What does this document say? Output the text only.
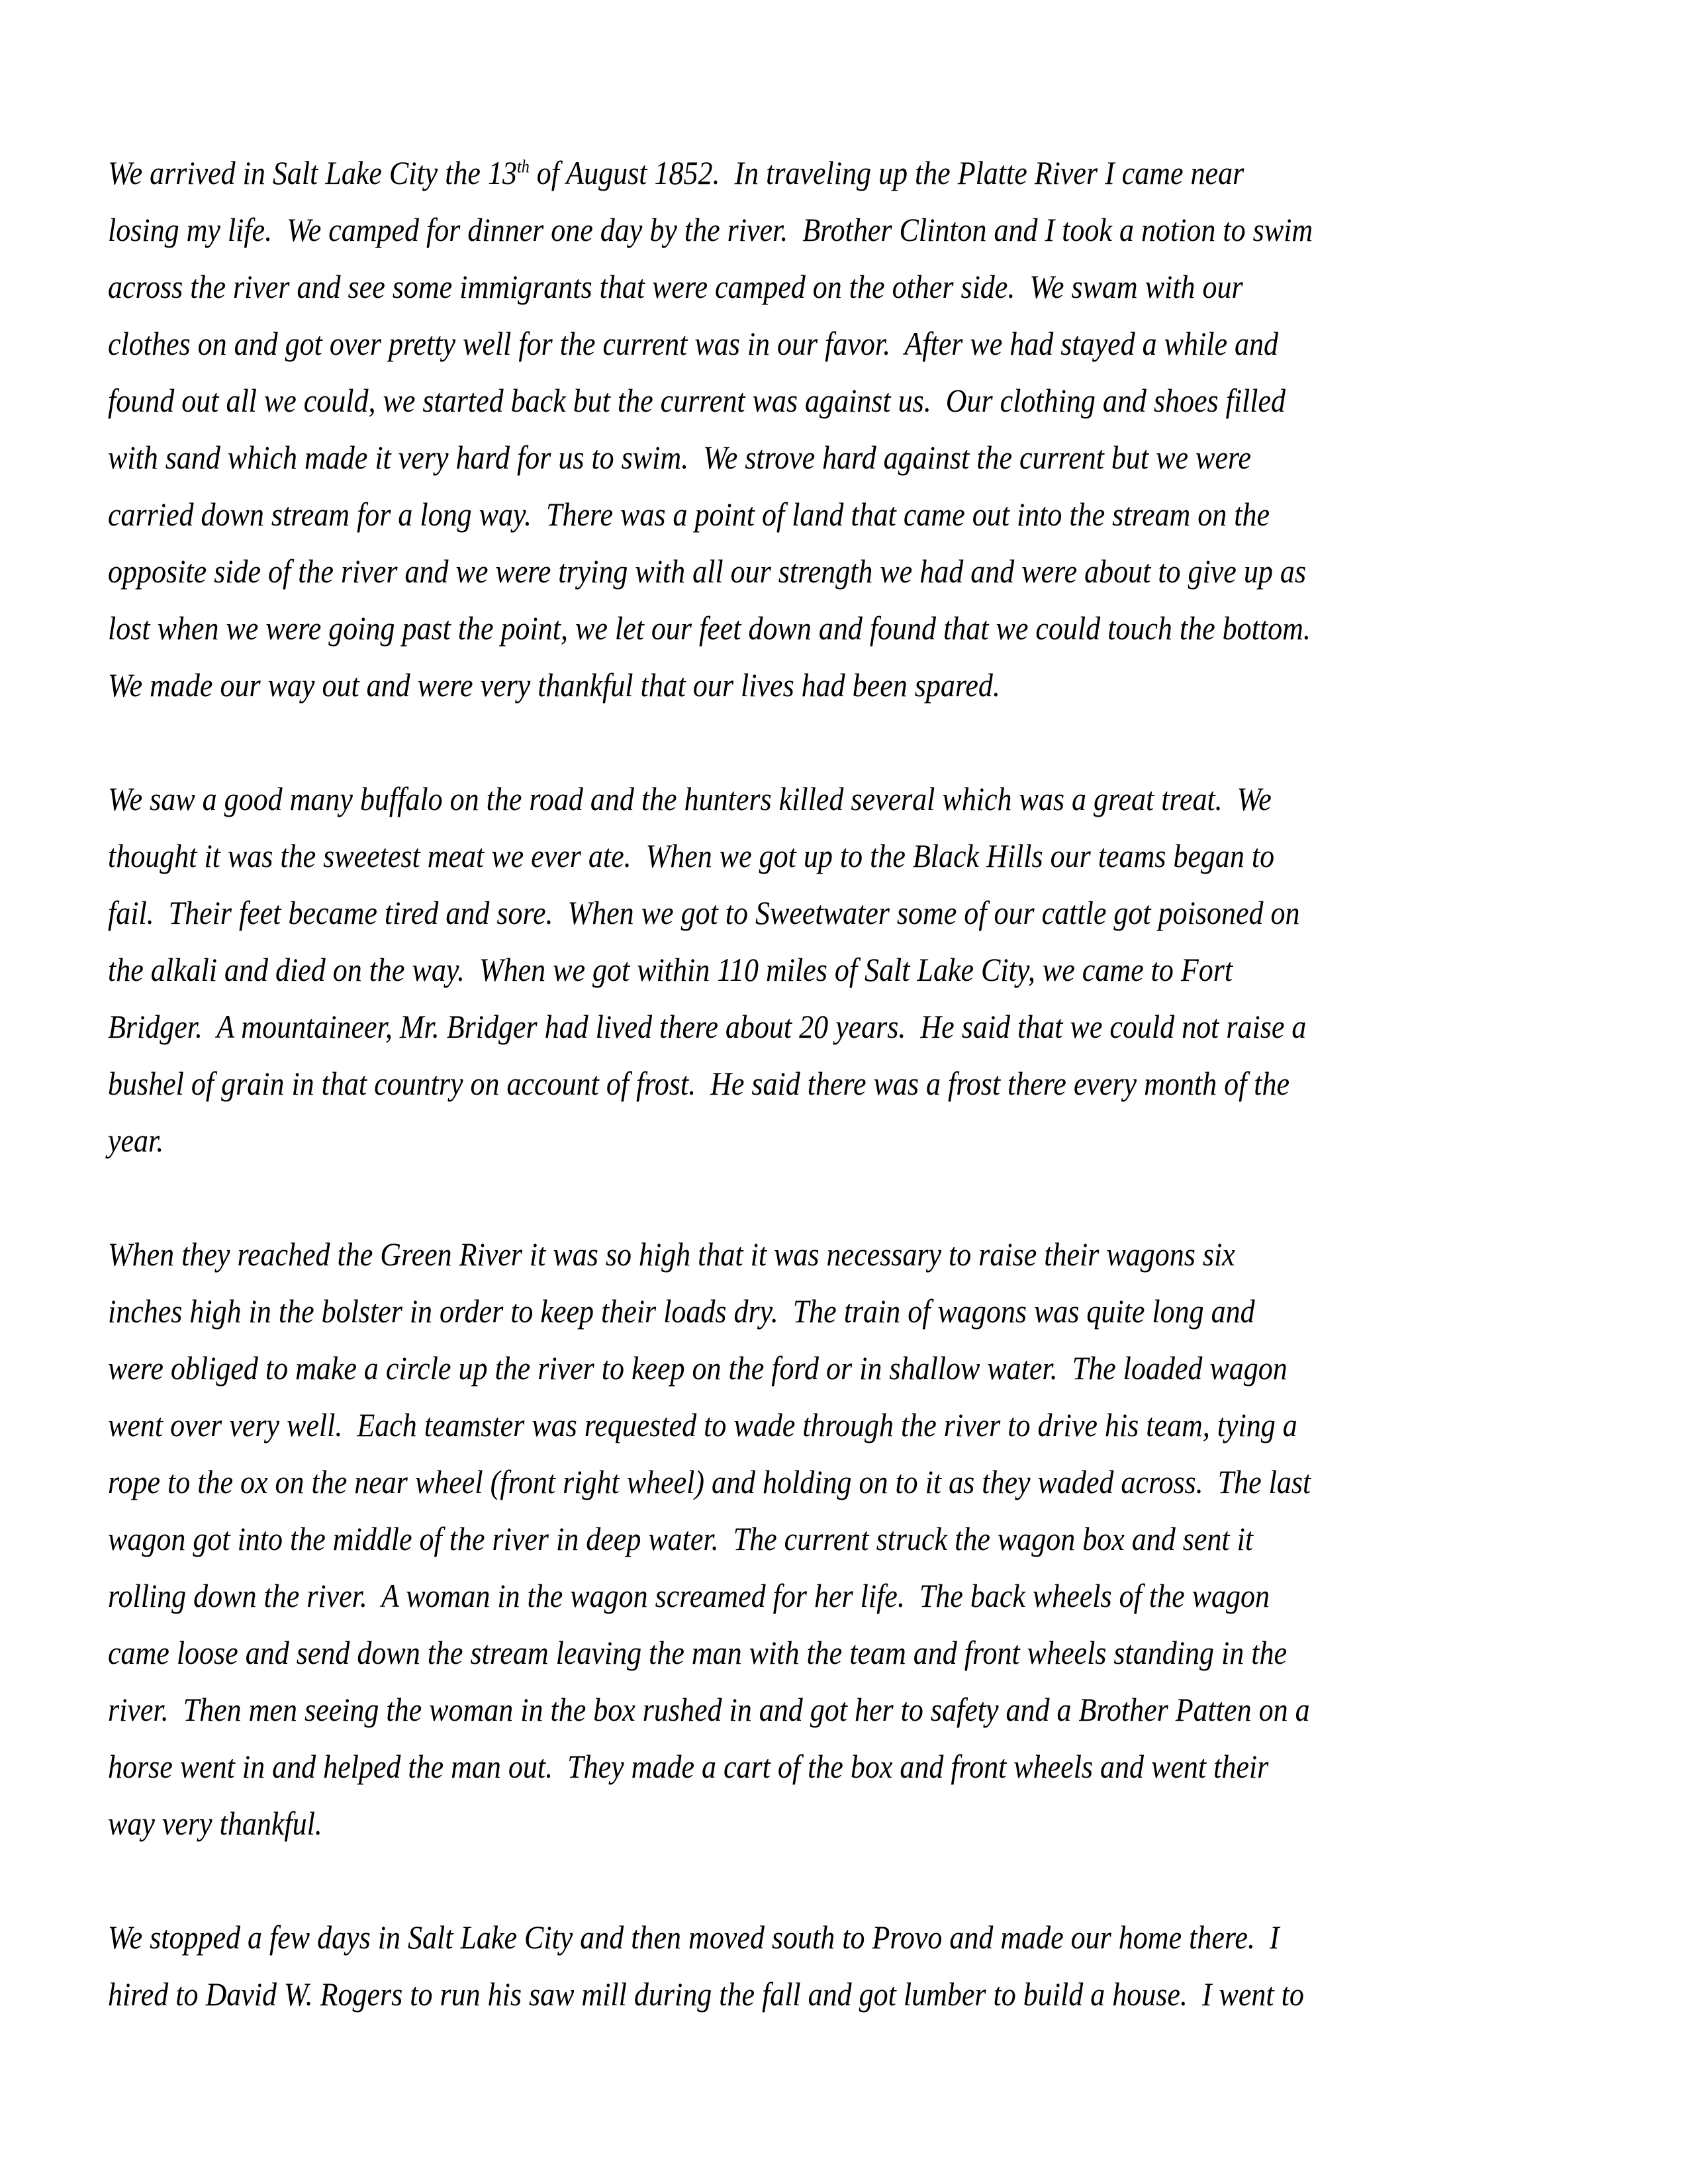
We arrived in Salt Lake City the 13th of August 1852.  In traveling up the Platte River I came near
losing my life.  We camped for dinner one day by the river.  Brother Clinton and I took a notion to swim
across the river and see some immigrants that were camped on the other side.  We swam with our
clothes on and got over pretty well for the current was in our favor.  After we had stayed a while and
found out all we could, we started back but the current was against us.  Our clothing and shoes filled
with sand which made it very hard for us to swim.  We strove hard against the current but we were
carried down stream for a long way.  There was a point of land that came out into the stream on the
opposite side of the river and we were trying with all our strength we had and were about to give up as
lost when we were going past the point, we let our feet down and found that we could touch the bottom.
We made our way out and were very thankful that our lives had been spared.
We saw a good many buffalo on the road and the hunters killed several which was a great treat.  We
thought it was the sweetest meat we ever ate.  When we got up to the Black Hills our teams began to
fail.  Their feet became tired and sore.  When we got to Sweetwater some of our cattle got poisoned on
the alkali and died on the way.  When we got within 110 miles of Salt Lake City, we came to Fort
Bridger.  A mountaineer, Mr. Bridger had lived there about 20 years.  He said that we could not raise a
bushel of grain in that country on account of frost.  He said there was a frost there every month of the
year.
When they reached the Green River it was so high that it was necessary to raise their wagons six
inches high in the bolster in order to keep their loads dry.  The train of wagons was quite long and
were obliged to make a circle up the river to keep on the ford or in shallow water.  The loaded wagon
went over very well.  Each teamster was requested to wade through the river to drive his team, tying a
rope to the ox on the near wheel (front right wheel) and holding on to it as they waded across.  The last
wagon got into the middle of the river in deep water.  The current struck the wagon box and sent it
rolling down the river.  A woman in the wagon screamed for her life.  The back wheels of the wagon
came loose and send down the stream leaving the man with the team and front wheels standing in the
river.  Then men seeing the woman in the box rushed in and got her to safety and a Brother Patten on a
horse went in and helped the man out.  They made a cart of the box and front wheels and went their
way very thankful.
We stopped a few days in Salt Lake City and then moved south to Provo and made our home there.  I
hired to David W. Rogers to run his saw mill during the fall and got lumber to build a house.  I went to
